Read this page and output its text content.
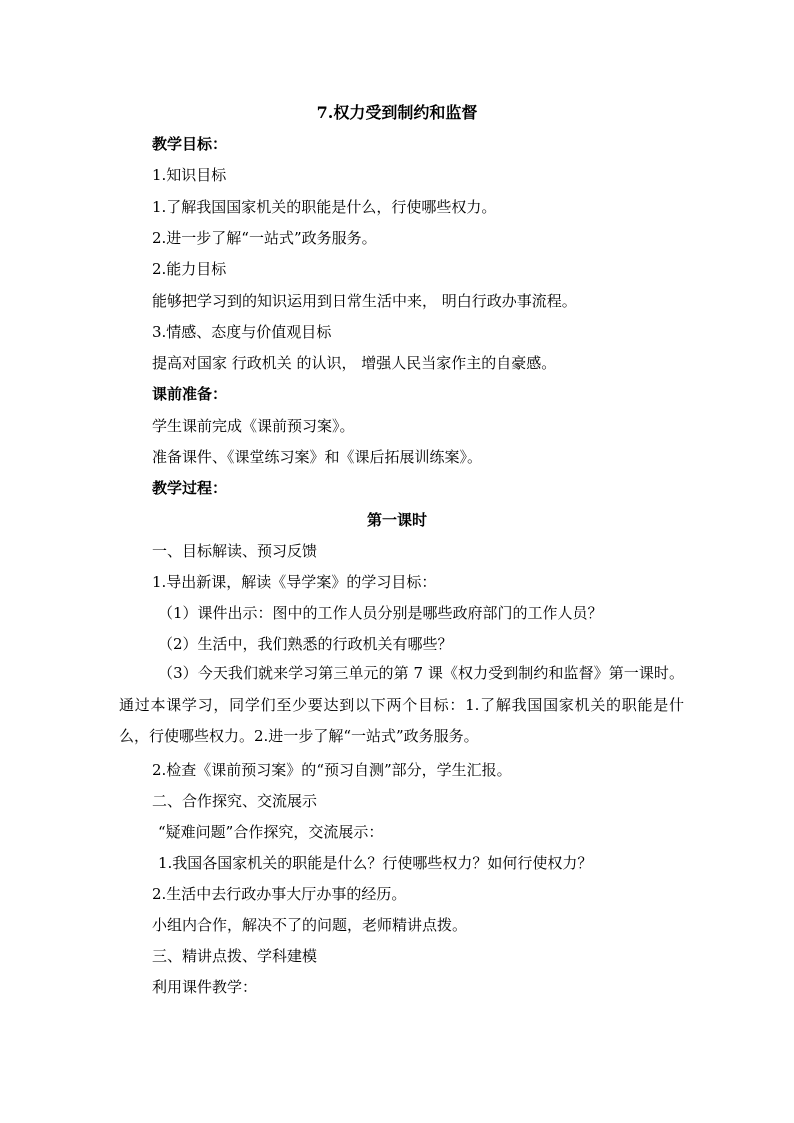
7.权力受到制约和监督
教学目标：
1.知识目标
1.了解我国国家机关的职能是什么，行使哪些权力。
2.进一步了解“一站式”政务服务。
2.能力目标
能够把学习到的知识运用到日常生活中来， 明白行政办事流程。
3.情感、态度与价值观目标
提高对国家 行政机关 的认识， 增强人民当家作主的自豪感。
课前准备：
学生课前完成《课前预习案》。
准备课件、《课堂练习案》和《课后拓展训练案》。
教学过程：
第一课时
一、目标解读、预习反馈
1.导出新课，解读《导学案》的学习目标：
（1）课件出示：图中的工作人员分别是哪些政府部门的工作人员？
（2）生活中，我们熟悉的行政机关有哪些？
（3）今天我们就来学习第三单元的第 7 课《权力受到制约和监督》第一课时。通过本课学习，同学们至少要达到以下两个目标：1.了解我国国家机关的职能是什么，行使哪些权力。2.进一步了解“一站式”政务服务。
2.检查《课前预习案》的“预习自测”部分，学生汇报。
二、合作探究、交流展示
“疑难问题”合作探究，交流展示：
1.我国各国家机关的职能是什么？行使哪些权力？如何行使权力？
2.生活中去行政办事大厅办事的经历。
小组内合作，解决不了的问题，老师精讲点拨。
三、精讲点拨、学科建模
利用课件教学：
